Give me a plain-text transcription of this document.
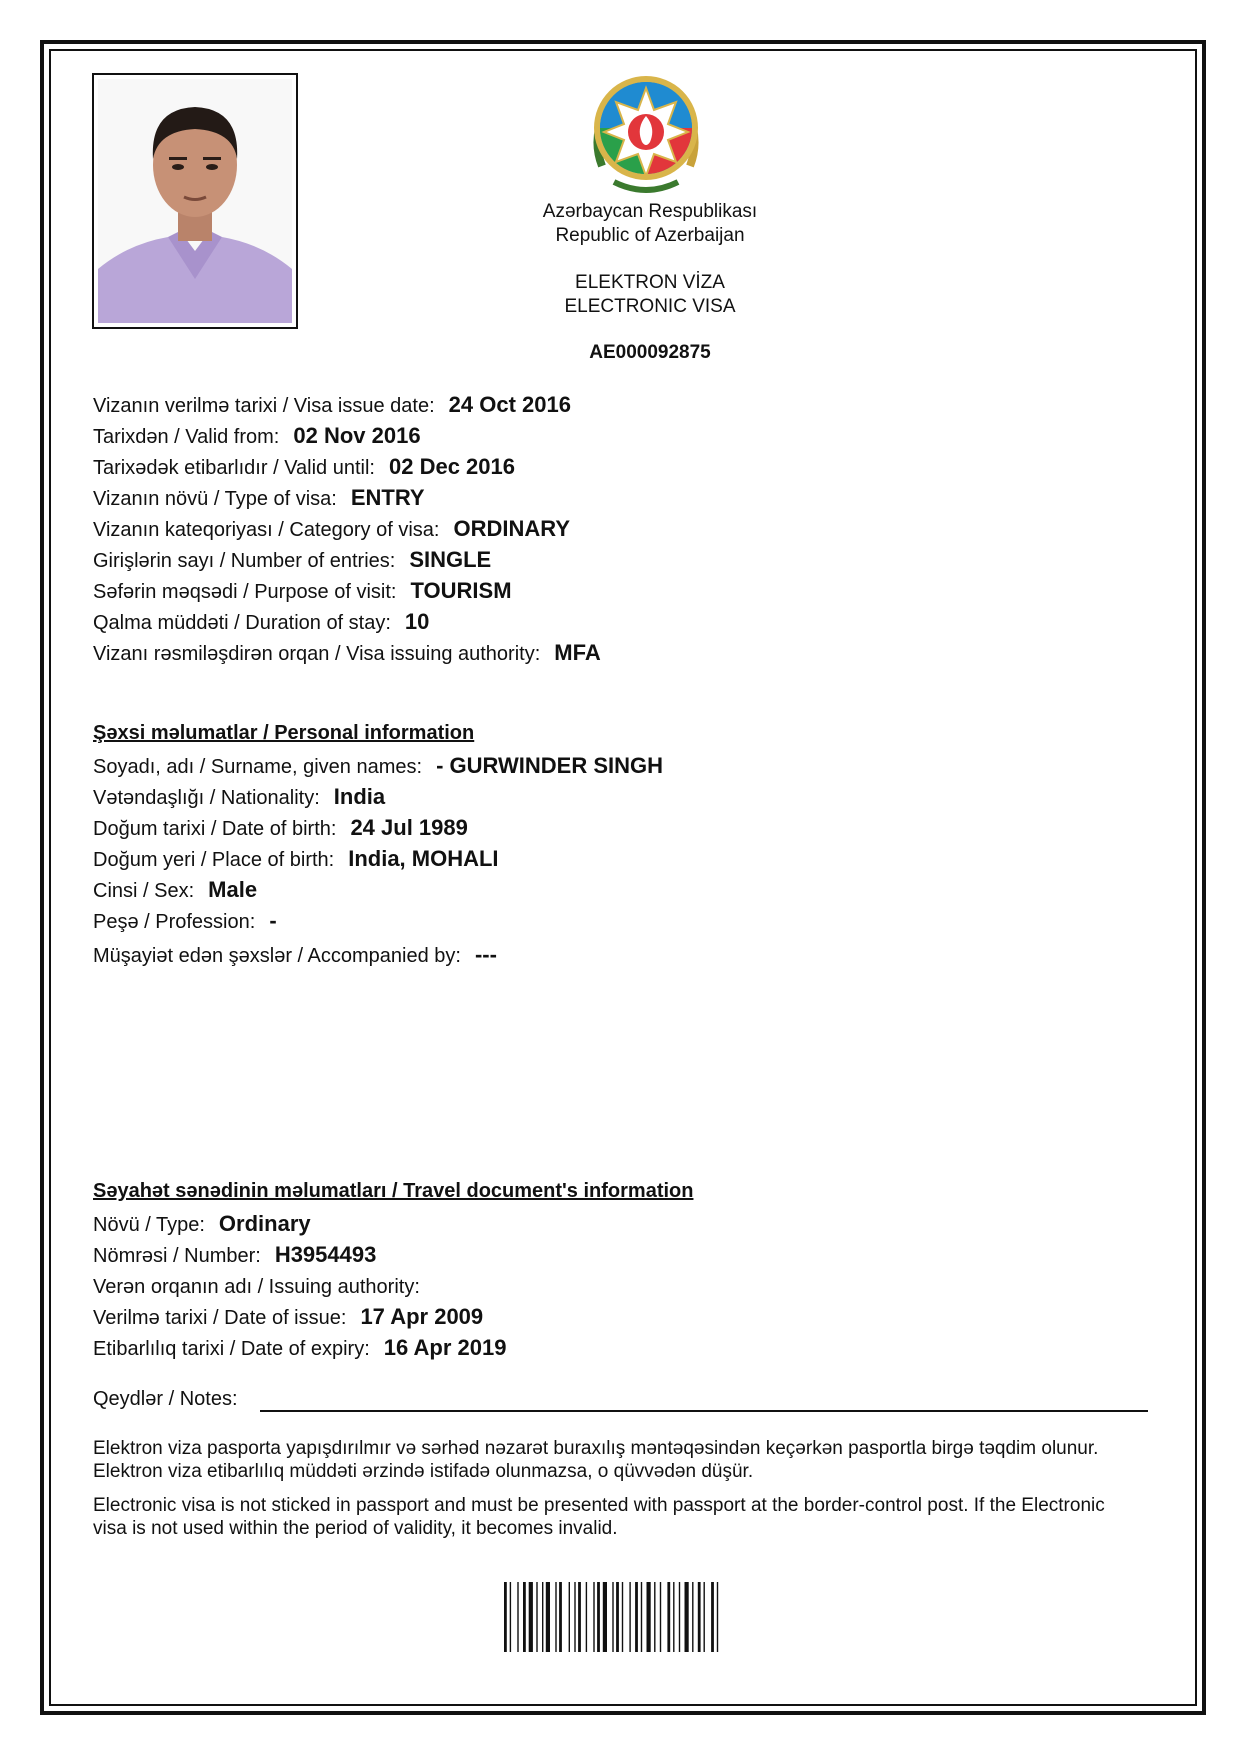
Azərbaycan Respublikası
Republic of Azerbaijan
ELEKTRON VİZA
ELECTRONIC VISA
AE000092875
Vizanın verilmə tarixi / Visa issue date: 24 Oct 2016
Tarixdən / Valid from: 02 Nov 2016
Tarixədək etibarlıdır / Valid until: 02 Dec 2016
Vizanın növü / Type of visa: ENTRY
Vizanın kateqoriyası / Category of visa: ORDINARY
Girişlərin sayı / Number of entries: SINGLE
Səfərin məqsədi / Purpose of visit: TOURISM
Qalma müddəti / Duration of stay: 10
Vizanı rəsmiləşdirən orqan / Visa issuing authority: MFA
Şəxsi məlumatlar / Personal information
Soyadı, adı / Surname, given names: - GURWINDER SINGH
Vətəndaşlığı / Nationality: India
Doğum tarixi / Date of birth: 24 Jul 1989
Doğum yeri / Place of birth: India, MOHALI
Cinsi / Sex: Male
Peşə / Profession: -
Müşayiət edən şəxslər / Accompanied by: ---
Səyahət sənədinin məlumatları / Travel document's information
Növü / Type: Ordinary
Nömrəsi / Number: H3954493
Verən orqanın adı / Issuing authority:
Verilmə tarixi / Date of issue: 17 Apr 2009
Etibarlılıq tarixi / Date of expiry: 16 Apr 2019
Qeydlər / Notes:
Elektron viza pasporta yapışdırılmır və sərhəd nəzarət buraxılış məntəqəsindən keçərkən pasportla birgə təqdim olunur. Elektron viza etibarlılıq müddəti ərzində istifadə olunmazsa, o qüvvədən düşür.
Electronic visa is not sticked in passport and must be presented with passport at the border-control post. If the Electronic visa is not used within the period of validity, it becomes invalid.
